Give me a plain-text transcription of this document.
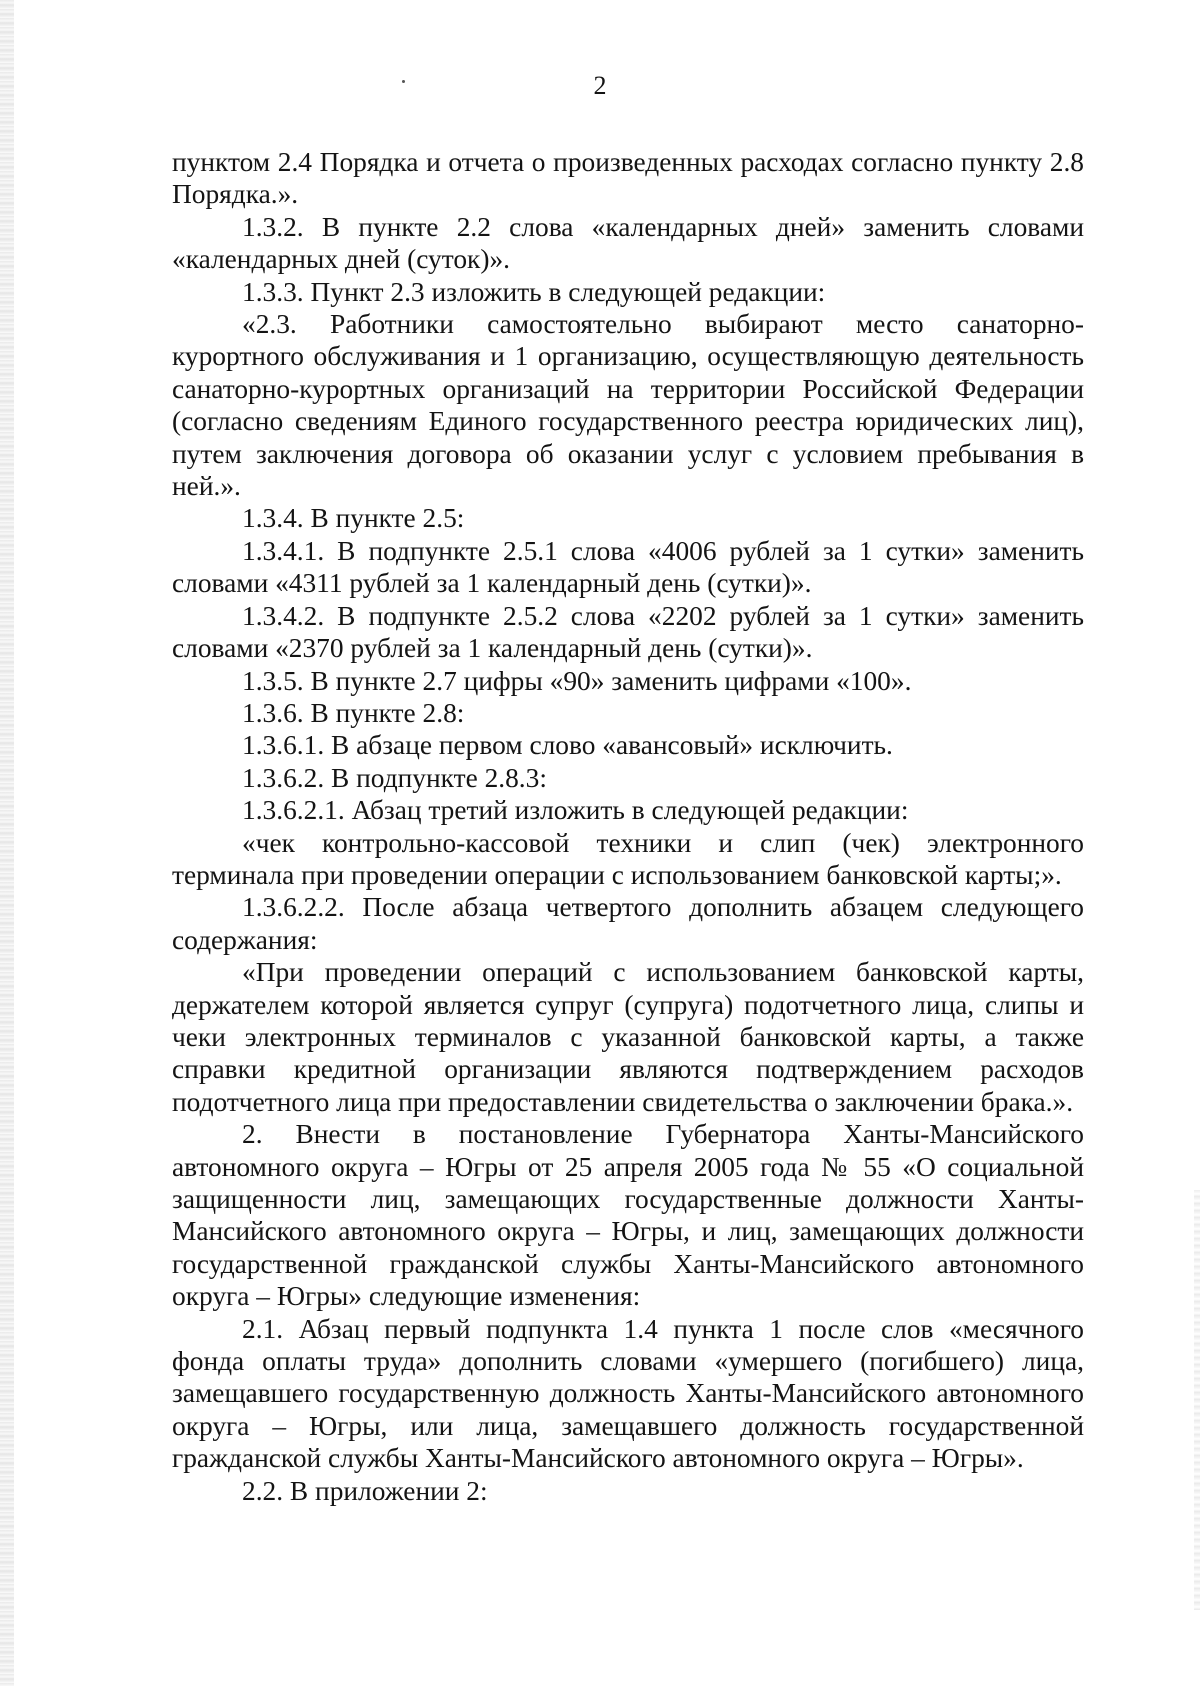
2

пунктом 2.4 Порядка и отчета о произведенных расходах согласно пункту 2.8 Порядка.».

1.3.2. В пункте 2.2 слова «календарных дней» заменить словами «календарных дней (суток)».

1.3.3. Пункт 2.3 изложить в следующей редакции:

«2.3. Работники самостоятельно выбирают место санаторно-курортного обслуживания и 1 организацию, осуществляющую деятельность санаторно-курортных организаций на территории Российской Федерации (согласно сведениям Единого государственного реестра юридических лиц), путем заключения договора об оказании услуг с условием пребывания в ней.».

1.3.4. В пункте 2.5:

1.3.4.1. В подпункте 2.5.1 слова «4006 рублей за 1 сутки» заменить словами «4311 рублей за 1 календарный день (сутки)».

1.3.4.2. В подпункте 2.5.2 слова «2202 рублей за 1 сутки» заменить словами «2370 рублей за 1 календарный день (сутки)».

1.3.5. В пункте 2.7 цифры «90» заменить цифрами «100».

1.3.6. В пункте 2.8:

1.3.6.1. В абзаце первом слово «авансовый» исключить.

1.3.6.2. В подпункте 2.8.3:

1.3.6.2.1. Абзац третий изложить в следующей редакции:

«чек контрольно-кассовой техники и слип (чек) электронного терминала при проведении операции с использованием банковской карты;».

1.3.6.2.2. После абзаца четвертого дополнить абзацем следующего содержания:

«При проведении операций с использованием банковской карты, держателем которой является супруг (супруга) подотчетного лица, слипы и чеки электронных терминалов с указанной банковской карты, а также справки кредитной организации являются подтверждением расходов подотчетного лица при предоставлении свидетельства о заключении брака.».

2. Внести в постановление Губернатора Ханты-Мансийского автономного округа – Югры от 25 апреля 2005 года № 55 «О социальной защищенности лиц, замещающих государственные должности Ханты-Мансийского автономного округа – Югры, и лиц, замещающих должности государственной гражданской службы Ханты-Мансийского автономного округа – Югры» следующие изменения:

2.1. Абзац первый подпункта 1.4 пункта 1 после слов «месячного фонда оплаты труда» дополнить словами «умершего (погибшего) лица, замещавшего государственную должность Ханты-Мансийского автономного округа – Югры, или лица, замещавшего должность государственной гражданской службы Ханты-Мансийского автономного округа – Югры».

2.2. В приложении 2:
